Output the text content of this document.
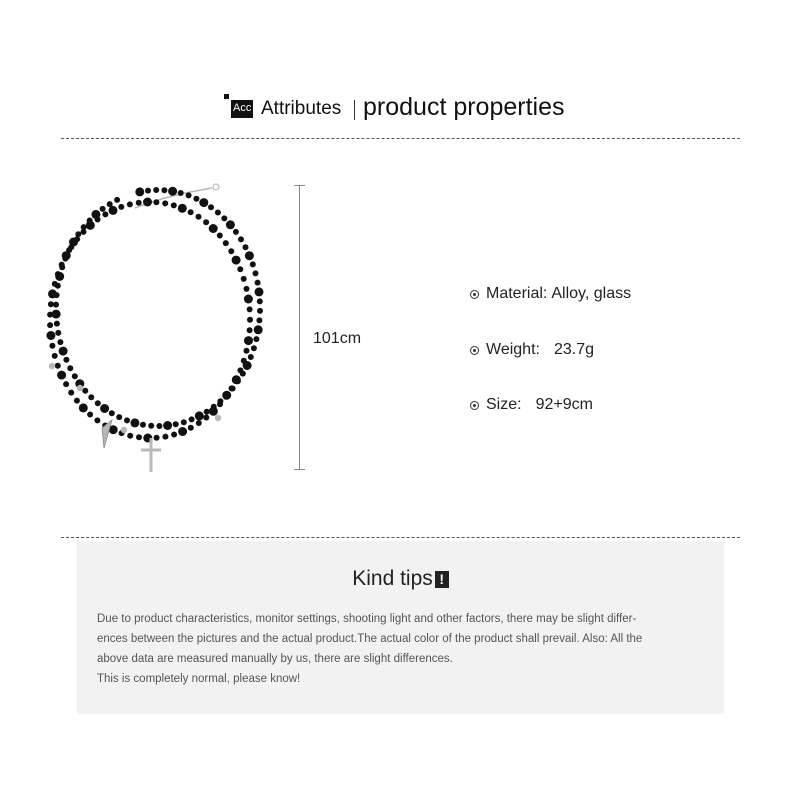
Acc Attributes product properties
101cm
Material: Alloy, glass
Weight: 23.7g
Size: 92+9cm
Kind tips !

Due to product characteristics, monitor settings, shooting light and other factors, there may be slight differ-

ences between the pictures and the actual product.The actual color of the product shall prevail. Also: All the

above data are measured manually by us, there are slight differences.

This is completely normal, please know!
